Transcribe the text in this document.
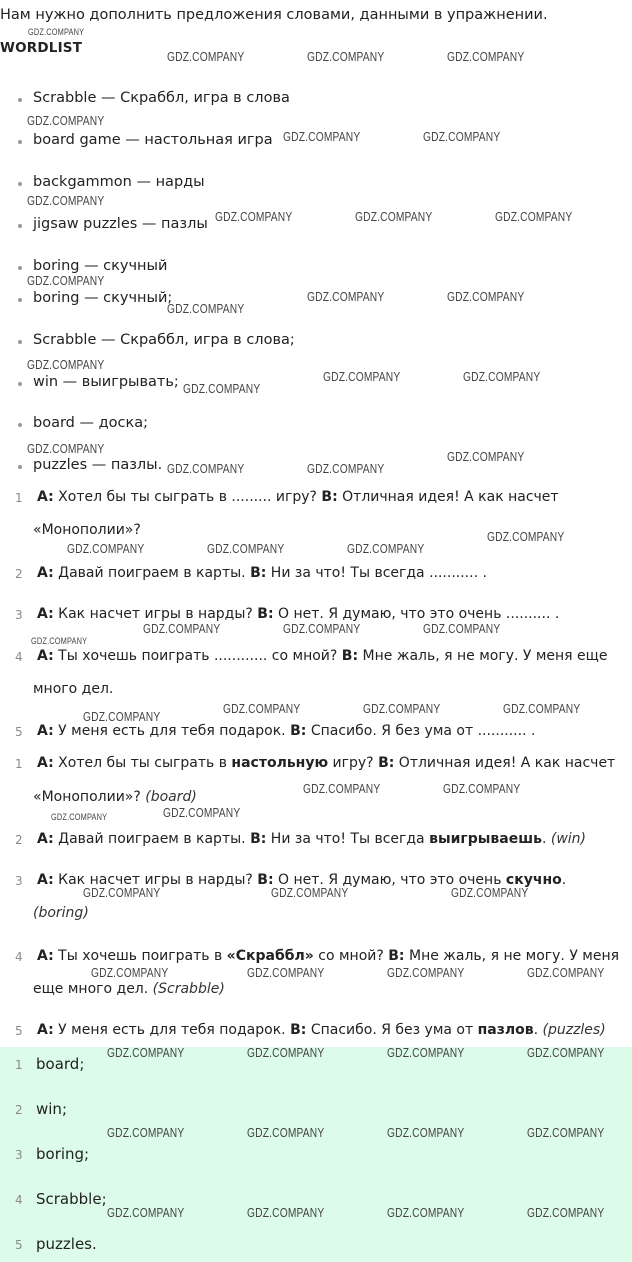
Нам нужно дополнить предложения словами, данными в упражнении.
WORDLIST
Scrabble — Скраббл, игра в слова
board game — настольная игра
backgammon — нарды
jigsaw puzzles — пазлы
boring — скучный
boring — скучный;
Scrabble — Скраббл, игра в слова;
win — выигрывать;
board — доска;
puzzles — пазлы.
1 A: Хотел бы ты сыграть в ......... игру? B: Отличная идея! А как насчет
«Монополии»?
2 A: Давай поиграем в карты. B: Ни за что! Ты всегда ........... .
3 A: Как насчет игры в нарды? B: О нет. Я думаю, что это очень .......... .
4 A: Ты хочешь поиграть ............ со мной? B: Мне жаль, я не могу. У меня еще
много дел.
5 A: У меня есть для тебя подарок. B: Спасибо. Я без ума от ........... .
1 A: Хотел бы ты сыграть в настольную игру? B: Отличная идея! А как насчет
«Монополии»? (board)
2 A: Давай поиграем в карты. B: Ни за что! Ты всегда выигрываешь. (win)
3 A: Как насчет игры в нарды? B: О нет. Я думаю, что это очень скучно.
(boring)
4 A: Ты хочешь поиграть в «Скраббл» со мной? B: Мне жаль, я не могу. У меня
еще много дел. (Scrabble)
5 A: У меня есть для тебя подарок. B: Спасибо. Я без ума от пазлов. (puzzles)
1 board;
2 win;
3 boring;
4 Scrabble;
5 puzzles.
GDZ.COMPANY
GDZ.COMPANY	GDZ.COMPANY	GDZ.COMPANY
GDZ.COMPANY
GDZ.COMPANY	GDZ.COMPANY
GDZ.COMPANY
GDZ.COMPANY	GDZ.COMPANY	GDZ.COMPANY
GDZ.COMPANY
GDZ.COMPANY	GDZ.COMPANY
GDZ.COMPANY
GDZ.COMPANY
GDZ.COMPANY	GDZ.COMPANY
GDZ.COMPANY
GDZ.COMPANY
GDZ.COMPANY
GDZ.COMPANY	GDZ.COMPANY
GDZ.COMPANY
GDZ.COMPANY	GDZ.COMPANY	GDZ.COMPANY
GDZ.COMPANY	GDZ.COMPANY	GDZ.COMPANY
GDZ.COMPANY
GDZ.COMPANY	GDZ.COMPANY	GDZ.COMPANY
GDZ.COMPANY
GDZ.COMPANY	GDZ.COMPANY
GDZ.COMPANY	GDZ.COMPANY
GDZ.COMPANY	GDZ.COMPANY	GDZ.COMPANY
GDZ.COMPANY	GDZ.COMPANY	GDZ.COMPANY	GDZ.COMPANY
GDZ.COMPANY	GDZ.COMPANY	GDZ.COMPANY	GDZ.COMPANY
GDZ.COMPANY	GDZ.COMPANY	GDZ.COMPANY	GDZ.COMPANY
GDZ.COMPANY	GDZ.COMPANY	GDZ.COMPANY	GDZ.COMPANY
